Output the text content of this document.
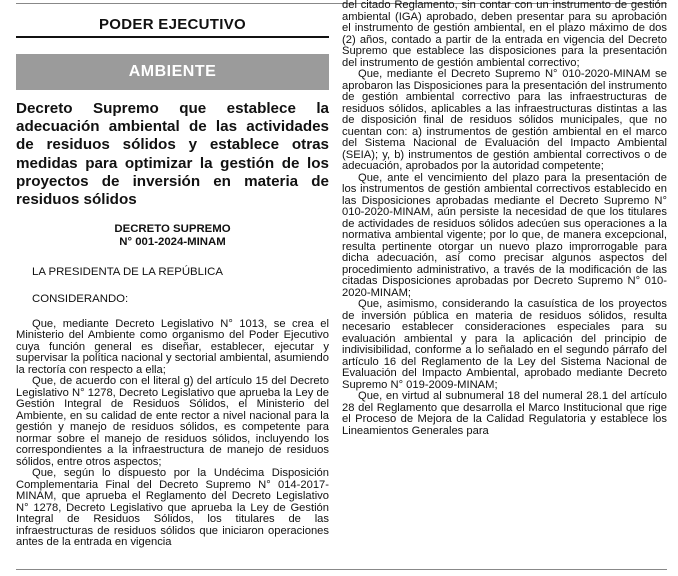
PODER EJECUTIVO
AMBIENTE
Decreto Supremo que establece la adecuación ambiental de las actividades de residuos sólidos y establece otras medidas para optimizar la gestión de los proyectos de inversión en materia de residuos sólidos
DECRETO SUPREMO
N° 001-2024-MINAM
LA PRESIDENTA DE LA REPÚBLICA
CONSIDERANDO:

Que, mediante Decreto Legislativo N° 1013, se crea el Ministerio del Ambiente como organismo del Poder Ejecutivo cuya función general es diseñar, establecer, ejecutar y supervisar la política nacional y sectorial ambiental, asumiendo la rectoría con respecto a ella;

Que, de acuerdo con el literal g) del artículo 15 del Decreto Legislativo N° 1278, Decreto Legislativo que aprueba la Ley de Gestión Integral de Residuos Sólidos, el Ministerio del Ambiente, en su calidad de ente rector a nivel nacional para la gestión y manejo de residuos sólidos, es competente para normar sobre el manejo de residuos sólidos, incluyendo los correspondientes a la infraestructura de manejo de residuos sólidos, entre otros aspectos;

Que, según lo dispuesto por la Undécima Disposición Complementaria Final del Decreto Supremo N° 014-2017-MINAM, que aprueba el Reglamento del Decreto Legislativo N° 1278, Decreto Legislativo que aprueba la Ley de Gestión Integral de Residuos Sólidos, los titulares de las infraestructuras de residuos sólidos que iniciaron operaciones antes de la entrada en vigencia

del citado Reglamento, sin contar con un instrumento de gestión ambiental (IGA) aprobado, deben presentar para su aprobación el instrumento de gestión ambiental, en el plazo máximo de dos (2) años, contado a partir de la entrada en vigencia del Decreto Supremo que establece las disposiciones para la presentación del instrumento de gestión ambiental correctivo;

Que, mediante el Decreto Supremo N° 010-2020-MINAM se aprobaron las Disposiciones para la presentación del instrumento de gestión ambiental correctivo para las infraestructuras de residuos sólidos, aplicables a las infraestructuras distintas a las de disposición final de residuos sólidos municipales, que no cuentan con: a) instrumentos de gestión ambiental en el marco del Sistema Nacional de Evaluación del Impacto Ambiental (SEIA); y, b) instrumentos de gestión ambiental correctivos o de adecuación, aprobados por la autoridad competente;

Que, ante el vencimiento del plazo para la presentación de los instrumentos de gestión ambiental correctivos establecido en las Disposiciones aprobadas mediante el Decreto Supremo N° 010-2020-MINAM, aún persiste la necesidad de que los titulares de actividades de residuos sólidos adecúen sus operaciones a la normativa ambiental vigente; por lo que, de manera excepcional, resulta pertinente otorgar un nuevo plazo improrrogable para dicha adecuación, así como precisar algunos aspectos del procedimiento administrativo, a través de la modificación de las citadas Disposiciones aprobadas por Decreto Supremo N° 010-2020-MINAM;

Que, asimismo, considerando la casuística de los proyectos de inversión pública en materia de residuos sólidos, resulta necesario establecer consideraciones especiales para su evaluación ambiental y para la aplicación del principio de indivisibilidad, conforme a lo señalado en el segundo párrafo del artículo 16 del Reglamento de la Ley del Sistema Nacional de Evaluación del Impacto Ambiental, aprobado mediante Decreto Supremo N° 019-2009-MINAM;

Que, en virtud al subnumeral 18 del numeral 28.1 del artículo 28 del Reglamento que desarrolla el Marco Institucional que rige el Proceso de Mejora de la Calidad Regulatoria y establece los Lineamientos Generales para
